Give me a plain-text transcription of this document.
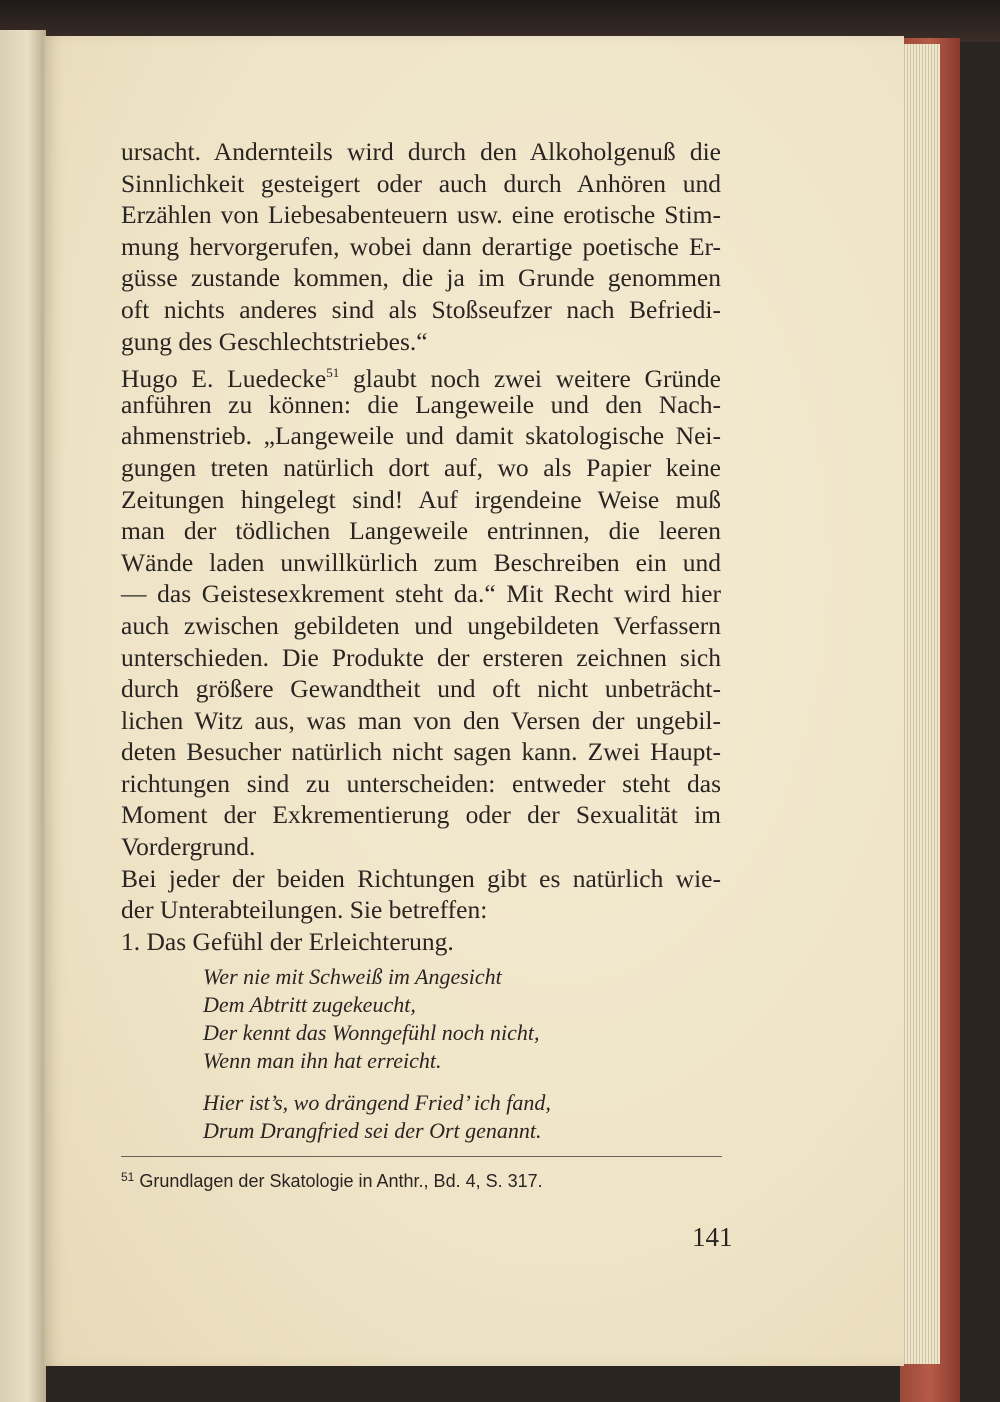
ursacht. Andernteils wird durch den Alkoholgenuß die
Sinnlichkeit gesteigert oder auch durch Anhören und
Erzählen von Liebesabenteuern usw. eine erotische Stim-
mung hervorgerufen, wobei dann derartige poetische Er-
güsse zustande kommen, die ja im Grunde genommen
oft nichts anderes sind als Stoßseufzer nach Befriedi-
gung des Geschlechtstriebes.“
Hugo E. Luedecke$^{51}$ glaubt noch zwei weitere Gründe
anführen zu können: die Langeweile und den Nach-
ahmenstrieb. „Langeweile und damit skatologische Nei-
gungen treten natürlich dort auf, wo als Papier keine
Zeitungen hingelegt sind! Auf irgendeine Weise muß
man der tödlichen Langeweile entrinnen, die leeren
Wände laden unwillkürlich zum Beschreiben ein und
— das Geistesexkrement steht da.“ Mit Recht wird hier
auch zwischen gebildeten und ungebildeten Verfassern
unterschieden. Die Produkte der ersteren zeichnen sich
durch größere Gewandtheit und oft nicht unbeträcht-
lichen Witz aus, was man von den Versen der ungebil-
deten Besucher natürlich nicht sagen kann. Zwei Haupt-
richtungen sind zu unterscheiden: entweder steht das
Moment der Exkrementierung oder der Sexualität im
Vordergrund.
Bei jeder der beiden Richtungen gibt es natürlich wie-
der Unterabteilungen. Sie betreffen:
1. Das Gefühl der Erleichterung.
Wer nie mit Schweiß im Angesicht
Dem Abtritt zugekeucht,
Der kennt das Wonngefühl noch nicht,
Wenn man ihn hat erreicht.
Hier ist’s, wo drängend Fried’ ich fand,
Drum Drangfried sei der Ort genannt.
$^{51}$ Grundlagen der Skatologie in Anthr., Bd. 4, S. 317.
141
